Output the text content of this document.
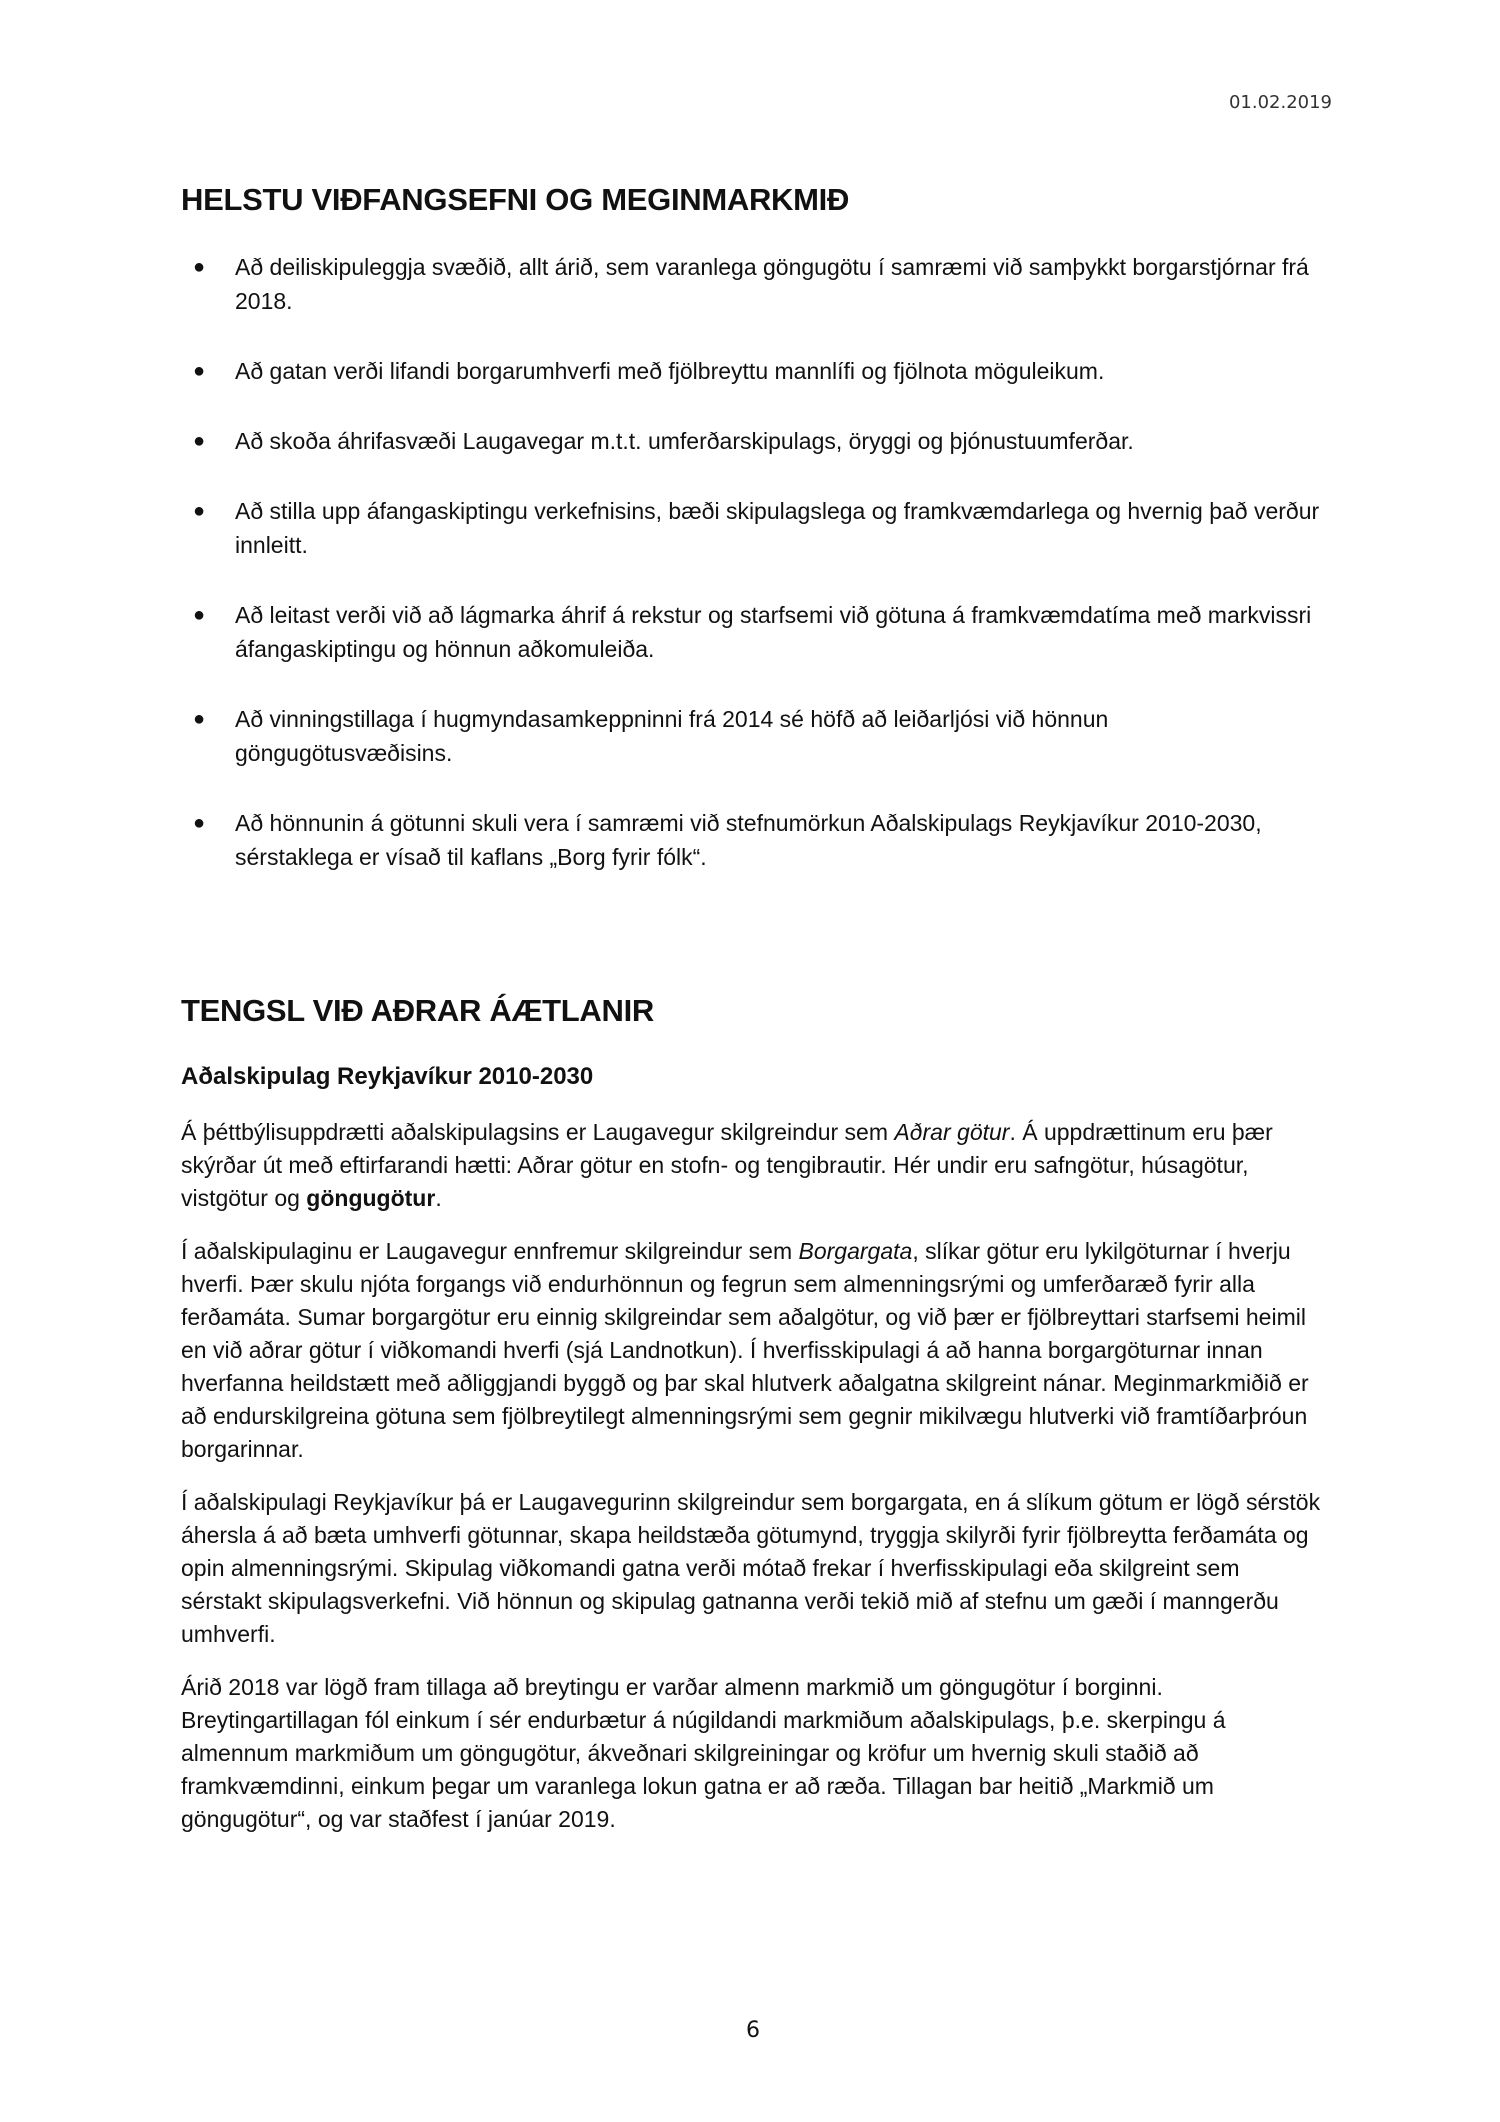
01.02.2019
HELSTU VIÐFANGSEFNI OG MEGINMARKMIÐ
●	Að deiliskipuleggja svæðið, allt árið, sem varanlega göngugötu í samræmi við samþykkt borgarstjórnar frá 2018.
●	Að gatan verði lifandi borgarumhverfi með fjölbreyttu mannlífi og fjölnota möguleikum.
●	Að skoða áhrifasvæði Laugavegar m.t.t. umferðarskipulags, öryggi og þjónustuumferðar.
●	Að stilla upp áfangaskiptingu verkefnisins, bæði skipulagslega og framkvæmdarlega og hvernig það verður innleitt.
●	Að leitast verði við að lágmarka áhrif á rekstur og starfsemi við götuna á framkvæmdatíma með markvissri áfangaskiptingu og hönnun aðkomuleiða.
●	Að vinningstillaga í hugmyndasamkeppninni frá 2014 sé höfð að leiðarljósi við hönnun göngugötusvæðisins.
●	Að hönnunin á götunni skuli vera í samræmi við stefnumörkun Aðalskipulags Reykjavíkur 2010-2030, sérstaklega er vísað til kaflans „Borg fyrir fólk“.
TENGSL VIÐ AÐRAR ÁÆTLANIR
Aðalskipulag Reykjavíkur 2010-2030

Á þéttbýlisuppdrætti aðalskipulagsins er Laugavegur skilgreindur sem Aðrar götur. Á uppdrættinum eru þær skýrðar út með eftirfarandi hætti: Aðrar götur en stofn- og tengibrautir. Hér undir eru safngötur, húsagötur, vistgötur og göngugötur.

Í aðalskipulaginu er Laugavegur ennfremur skilgreindur sem Borgargata, slíkar götur eru lykilgöturnar í hverju hverfi. Þær skulu njóta forgangs við endurhönnun og fegrun sem almenningsrými og umferðaræð fyrir alla ferðamáta. Sumar borgargötur eru einnig skilgreindar sem aðalgötur, og við þær er fjölbreyttari starfsemi heimil en við aðrar götur í viðkomandi hverfi (sjá Landnotkun). Í hverfisskipulagi á að hanna borgargöturnar innan hverfanna heildstætt með aðliggjandi byggð og þar skal hlutverk aðalgatna skilgreint nánar. Meginmarkmiðið er að endurskilgreina götuna sem fjölbreytilegt almenningsrými sem gegnir mikilvægu hlutverki við framtíðarþróun borgarinnar.

Í aðalskipulagi Reykjavíkur þá er Laugavegurinn skilgreindur sem borgargata, en á slíkum götum er lögð sérstök áhersla á að bæta umhverfi götunnar, skapa heildstæða götumynd, tryggja skilyrði fyrir fjölbreytta ferðamáta og opin almenningsrými. Skipulag viðkomandi gatna verði mótað frekar í hverfisskipulagi eða skilgreint sem sérstakt skipulagsverkefni. Við hönnun og skipulag gatnanna verði tekið mið af stefnu um gæði í manngerðu umhverfi.

Árið 2018 var lögð fram tillaga að breytingu er varðar almenn markmið um göngugötur í borginni. Breytingartillagan fól einkum í sér endurbætur á núgildandi markmiðum aðalskipulags, þ.e. skerpingu á almennum markmiðum um göngugötur, ákveðnari skilgreiningar og kröfur um hvernig skuli staðið að framkvæmdinni, einkum þegar um varanlega lokun gatna er að ræða. Tillagan bar heitið „Markmið um göngugötur“, og var staðfest í janúar 2019.

6
